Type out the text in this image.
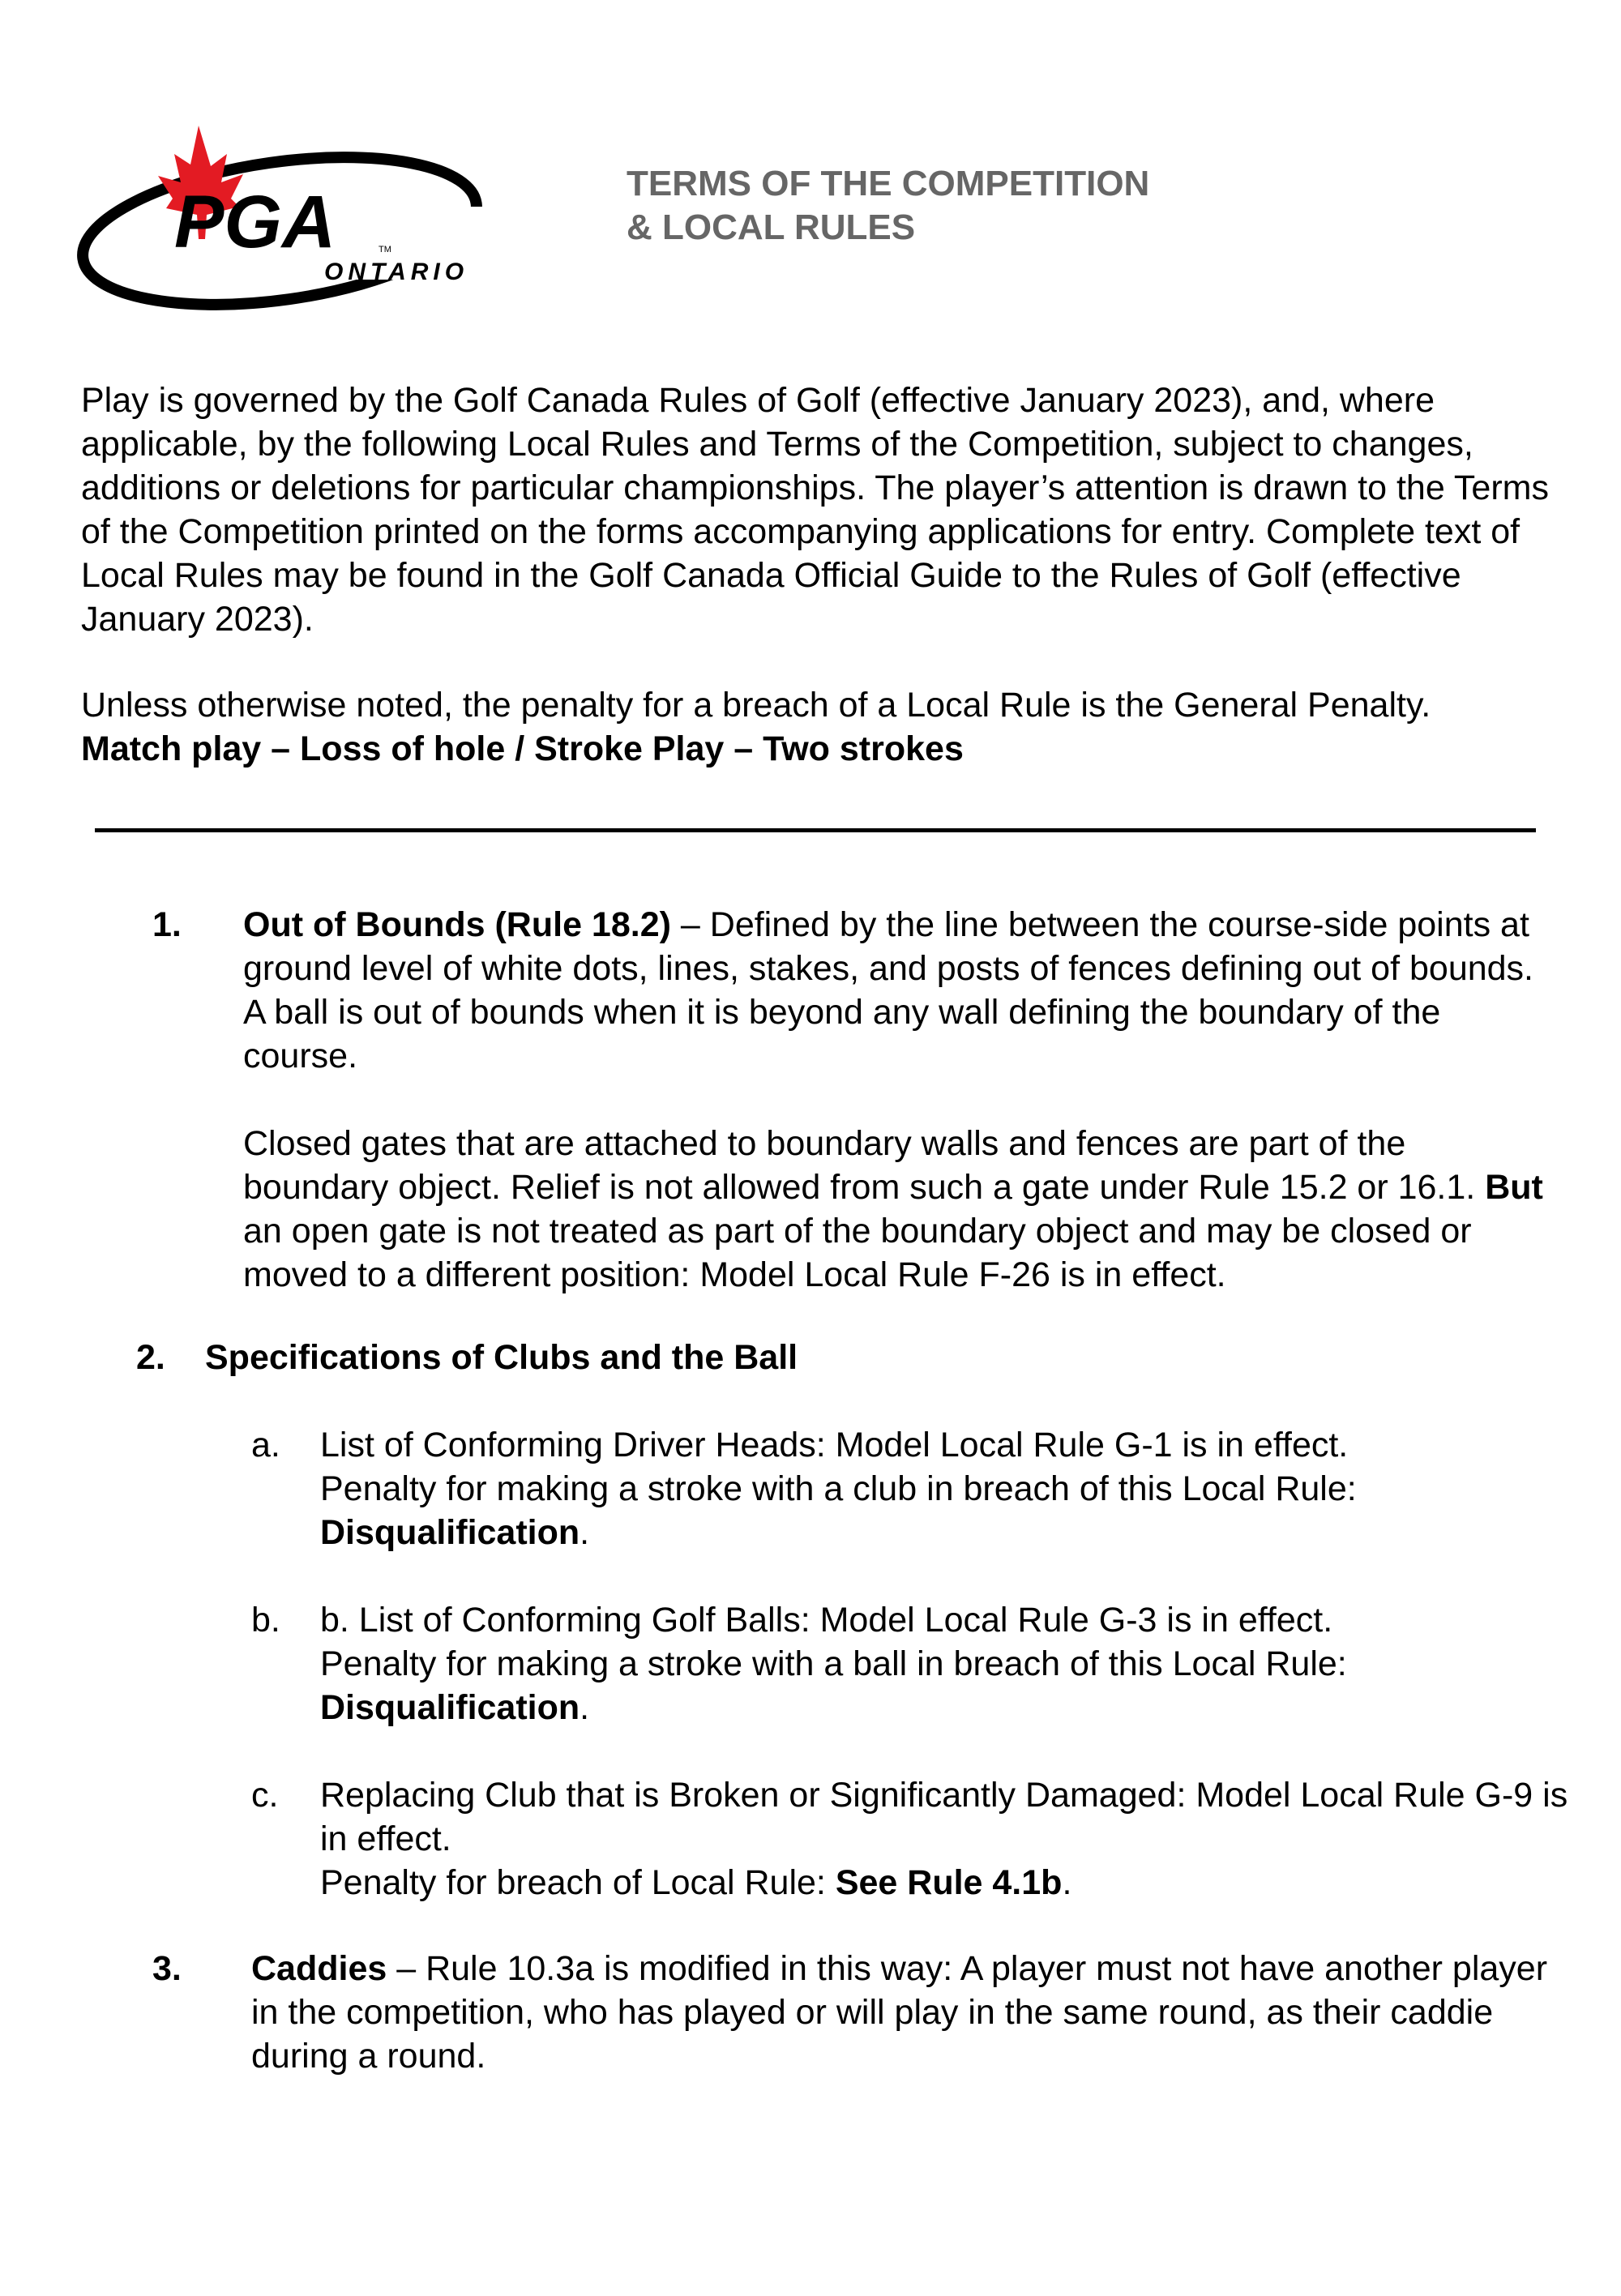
PGA	TM
ONTARIO
TERMS OF THE COMPETITION
& LOCAL RULES
Play is governed by the Golf Canada Rules of Golf (effective January 2023), and, where applicable, by the following Local Rules and Terms of the Competition, subject to changes, additions or deletions for particular championships. The player’s attention is drawn to the Terms of the Competition printed on the forms accompanying applications for entry. Complete text of Local Rules may be found in the Golf Canada Official Guide to the Rules of Golf (effective January 2023).
Unless otherwise noted, the penalty for a breach of a Local Rule is the General Penalty.
Match play – Loss of hole / Stroke Play – Two strokes
1. Out of Bounds (Rule 18.2) – Defined by the line between the course-side points at ground level of white dots, lines, stakes, and posts of fences defining out of bounds. A ball is out of bounds when it is beyond any wall defining the boundary of the course.
Closed gates that are attached to boundary walls and fences are part of the boundary object. Relief is not allowed from such a gate under Rule 15.2 or 16.1. But an open gate is not treated as part of the boundary object and may be closed or moved to a different position: Model Local Rule F-26 is in effect.
2. Specifications of Clubs and the Ball
a. List of Conforming Driver Heads: Model Local Rule G-1 is in effect.
Penalty for making a stroke with a club in breach of this Local Rule:
Disqualification.
b. b. List of Conforming Golf Balls: Model Local Rule G-3 is in effect.
Penalty for making a stroke with a ball in breach of this Local Rule:
Disqualification.
c. Replacing Club that is Broken or Significantly Damaged: Model Local Rule G-9 is in effect.
Penalty for breach of Local Rule: See Rule 4.1b.
3. Caddies – Rule 10.3a is modified in this way: A player must not have another player in the competition, who has played or will play in the same round, as their caddie during a round.
